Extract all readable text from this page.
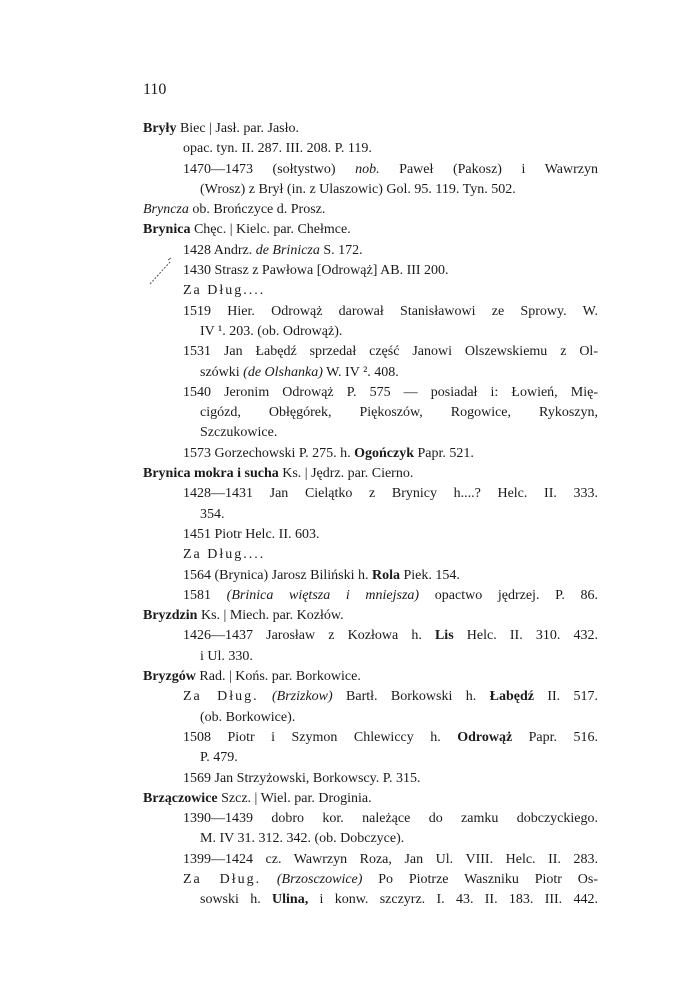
110
Bryły Biec | Jasł. par. Jasło.
opac. tyn. II. 287. III. 208. P. 119.
1470—1473 (sołtystwo) nob. Paweł (Pakosz) i Wawrzyn
(Wrosz) z Brył (in. z Ulaszowic) Gol. 95. 119. Tyn. 502.
Bryncza ob. Brończyce d. Prosz.
Brynica Chęc. | Kielc. par. Chełmce.
1428 Andrz. de Brinicza S. 172.
1430 Strasz z Pawłowa [Odrowąż] AB. III 200.
Za Dług....
1519 Hier. Odrowąż darował Stanisławowi ze Sprowy. W.
IV ¹. 203. (ob. Odrowąż).
1531 Jan Łabędź sprzedał część Janowi Olszewskiemu z Ol-
szówki (de Olshanka) W. IV ². 408.
1540 Jeronim Odrowąż P. 575 — posiadał i: Łowień, Mię-
cigózd, Obłęgórek, Piękoszów, Rogowice, Rykoszyn,
Szczukowice.
1573 Gorzechowski P. 275. h. Ogończyk Papr. 521.
Brynica mokra i sucha Ks. | Jędrz. par. Cierno.
1428—1431 Jan Cielątko z Brynicy h....? Helc. II. 333.
354.
1451 Piotr Helc. II. 603.
Za Dług....
1564 (Brynica) Jarosz Biliński h. Rola Piek. 154.
1581 (Brinica więtsza i mniejsza) opactwo jędrzej. P. 86.
Bryzdzin Ks. | Miech. par. Kozłów.
1426—1437 Jarosław z Kozłowa h. Lis Helc. II. 310. 432.
i Ul. 330.
Bryzgów Rad. | Końs. par. Borkowice.
Za Dług. (Brzizkow) Bartł. Borkowski h. Łabędź II. 517.
(ob. Borkowice).
1508 Piotr i Szymon Chlewiccy h. Odrowąż Papr. 516.
P. 479.
1569 Jan Strzyżowski, Borkowscy. P. 315.
Brzączowice Szcz. | Wiel. par. Droginia.
1390—1439 dobro kor. należące do zamku dobczyckiego.
M. IV 31. 312. 342. (ob. Dobczyce).
1399—1424 cz. Wawrzyn Roza, Jan Ul. VIII. Helc. II. 283.
Za Dług. (Brzosczowice) Po Piotrze Waszniku Piotr Os-
sowski h. Ulina, i konw. szczyrz. I. 43. II. 183. III. 442.
